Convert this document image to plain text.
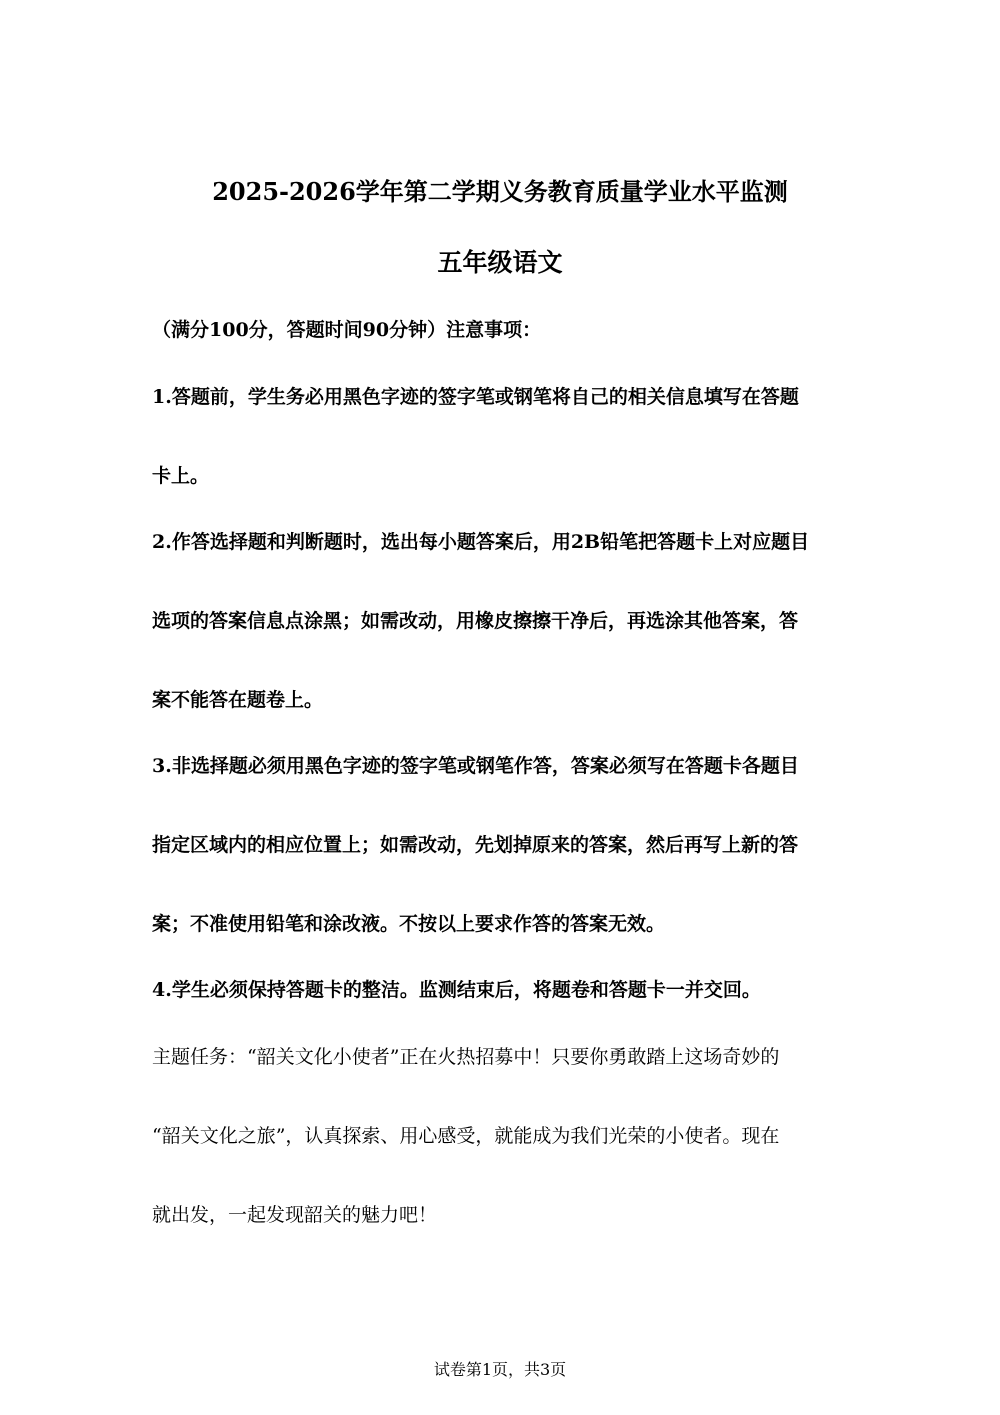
2025-2026学年第二学期义务教育质量学业水平监测
五年级语文
（满分100分，答题时间90分钟）注意事项：
1.答题前，学生务必用黑色字迹的签字笔或钢笔将自己的相关信息填写在答题
卡上。
2.作答选择题和判断题时，选出每小题答案后，用2B铅笔把答题卡上对应题目
选项的答案信息点涂黑；如需改动，用橡皮擦擦干净后，再选涂其他答案，答
案不能答在题卷上。
3.非选择题必须用黑色字迹的签字笔或钢笔作答，答案必须写在答题卡各题目
指定区域内的相应位置上；如需改动，先划掉原来的答案，然后再写上新的答
案；不准使用铅笔和涂改液。不按以上要求作答的答案无效。
4.学生必须保持答题卡的整洁。监测结束后，将题卷和答题卡一并交回。
主题任务：“韶关文化小使者”正在火热招募中！只要你勇敢踏上这场奇妙的
“韶关文化之旅”，认真探索、用心感受，就能成为我们光荣的小使者。现在
就出发，一起发现韶关的魅力吧！
试卷第1页，共3页
